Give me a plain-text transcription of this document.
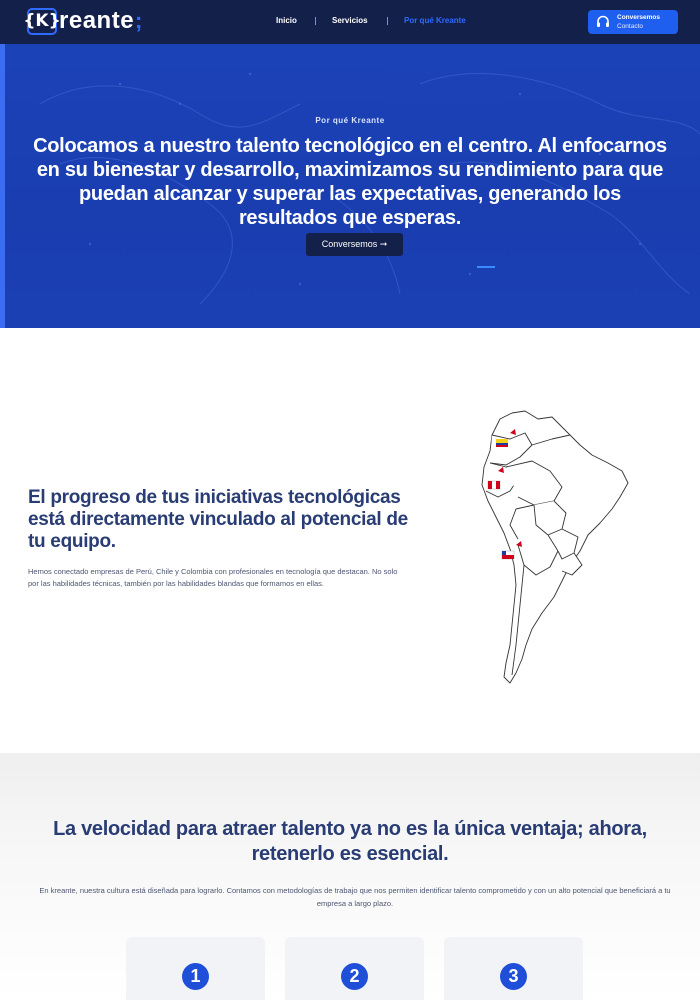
{K}
reante ;	Inicio	Servicios	Por qué Kreante	Conversemos
Contacto
Por qué Kreante
Colocamos a nuestro talento tecnológico en el centro. Al enfocarnos en su bienestar y desarrollo, maximizamos su rendimiento para que puedan alcanzar y superar las expectativas, generando los resultados que esperas.
Conversemos ➞
El progreso de tus iniciativas tecnológicas está directamente vinculado al potencial de tu equipo.

Hemos conectado empresas de Perú, Chile y Colombia con profesionales en tecnología que destacan. No solo por las habilidades técnicas, también por las habilidades blandas que formamos en ellas.

La velocidad para atraer talento ya no es la única ventaja; ahora, retenerlo es esencial.

En kreante, nuestra cultura está diseñada para lograrlo. Contamos con metodologías de trabajo que nos permiten identificar talento comprometido y con un alto potencial que beneficiará a tu empresa a largo plazo.

1	2	3
